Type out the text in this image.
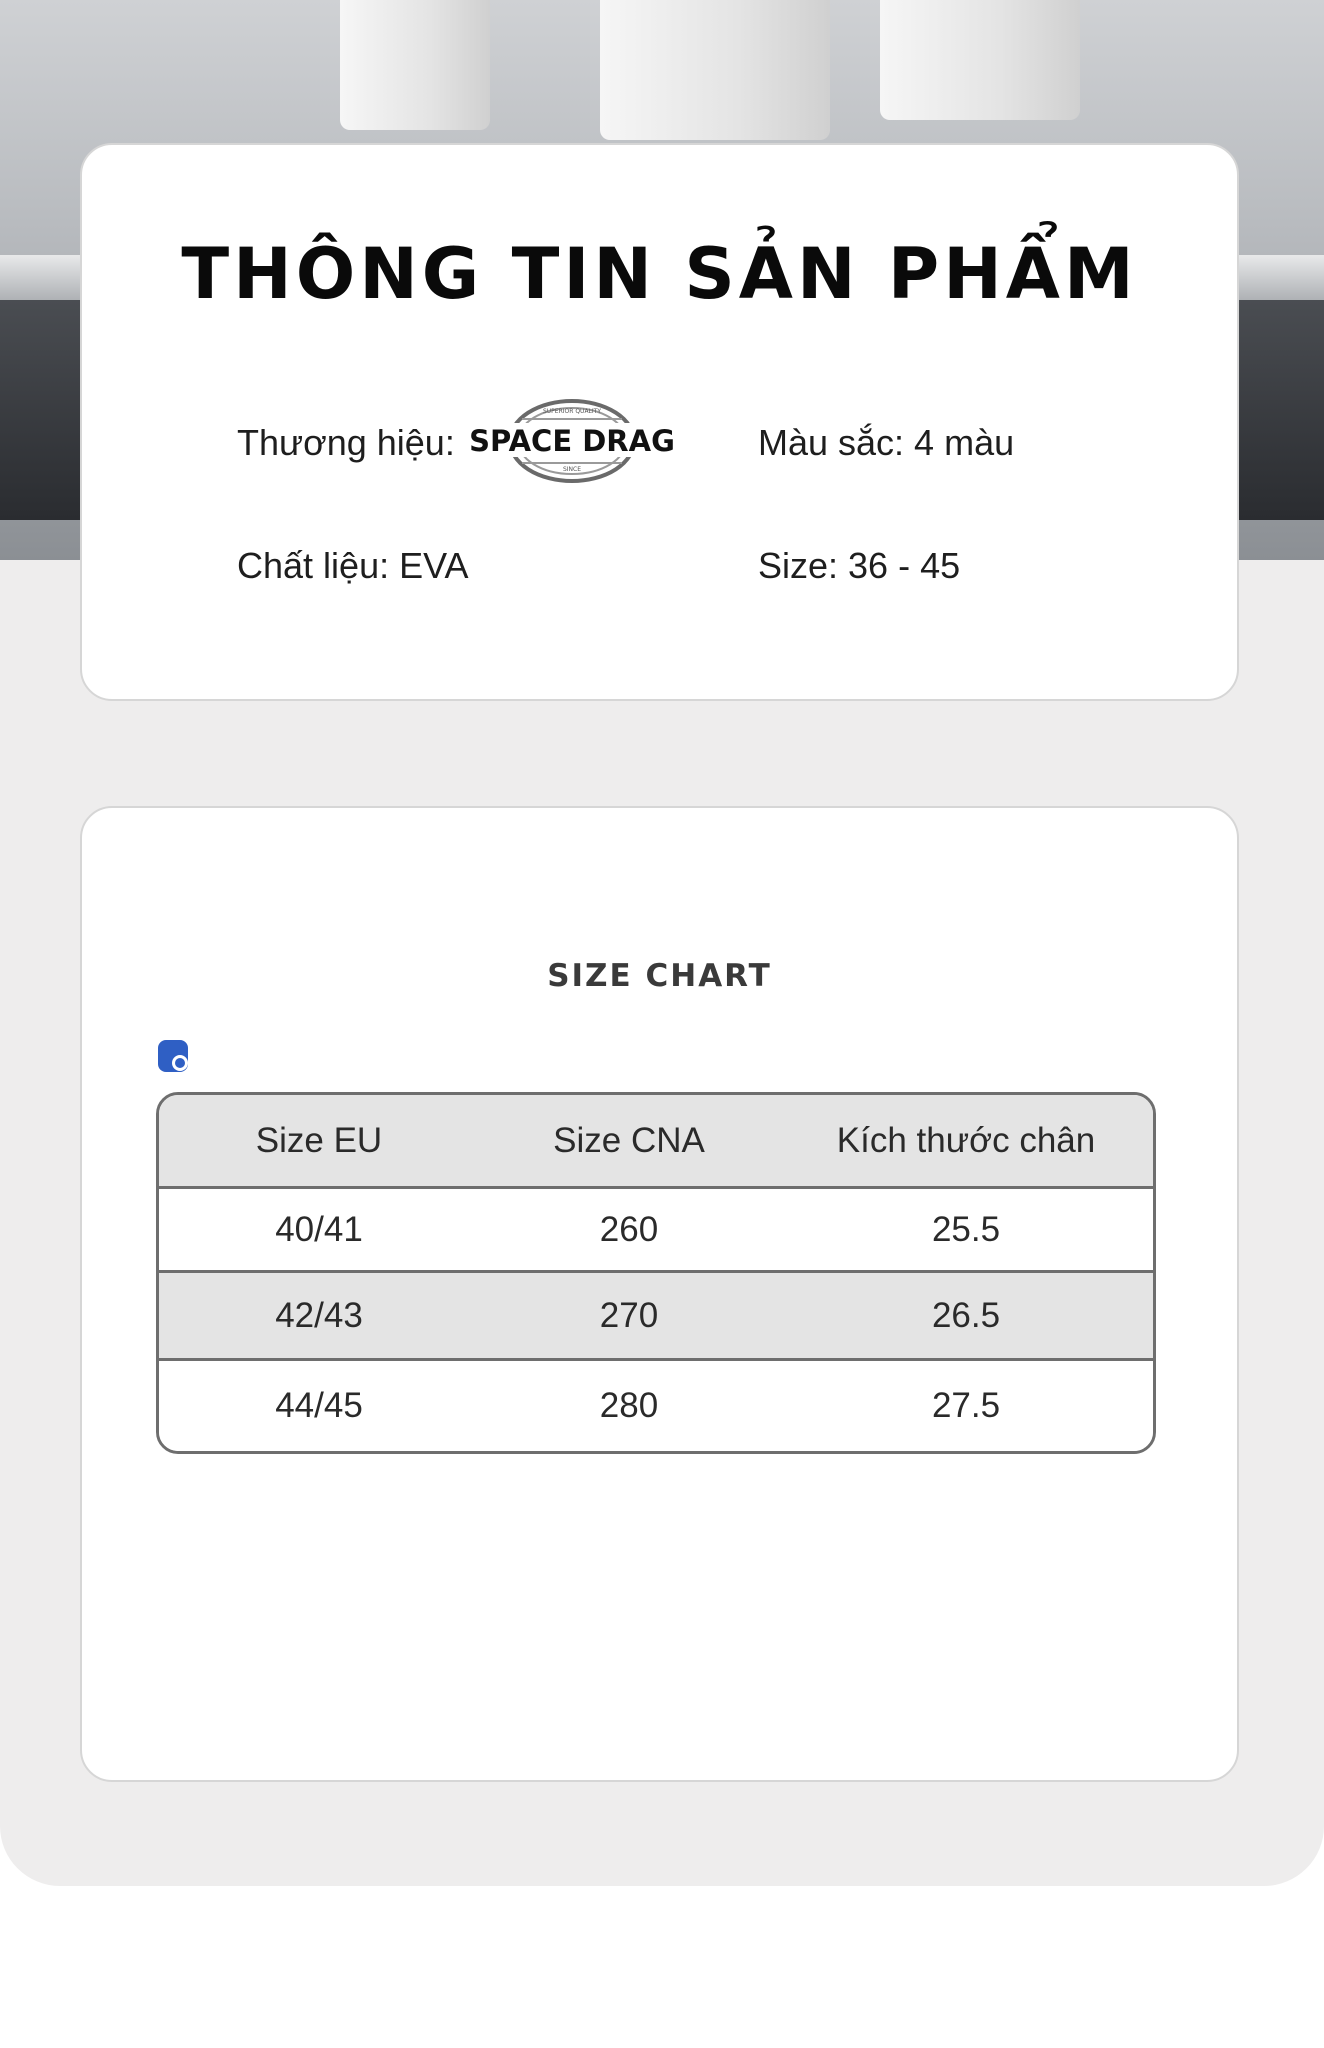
THÔNG TIN SẢN PHẨM
Thương hiệu: SPACE DRAG
SUPERIOR QUALITY
SINCE
Màu sắc: 4 màu
Chất liệu: EVA	Size: 36 - 45
SIZE CHART
Size EU	Size CNA	Kích thước chân
40/41	260	25.5
42/43	270	26.5
44/45	280	27.5
